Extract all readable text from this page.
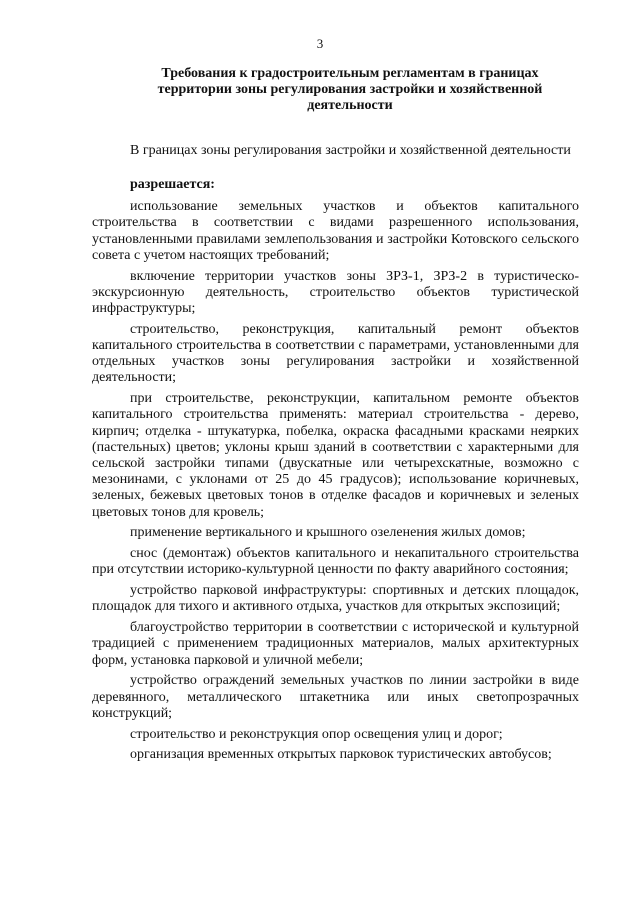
3
Требования к градостроительным регламентам в границах
территории зоны регулирования застройки и хозяйственной
деятельности

В границах зоны регулирования застройки и хозяйственной деятельности

разрешается:
использование земельных участков и объектов капитального строительства в соответствии с видами разрешенного использования, установленными правилами землепользования и застройки Котовского сельского совета с учетом настоящих требований;
включение территории участков зоны ЗРЗ-1, ЗРЗ-2 в туристическо-экскурсионную деятельность, строительство объектов туристической инфраструктуры;
строительство, реконструкция, капитальный ремонт объектов капитального строительства в соответствии с параметрами, установленными для отдельных участков зоны регулирования застройки и хозяйственной деятельности;
при строительстве, реконструкции, капитальном ремонте объектов капитального строительства применять: материал строительства - дерево, кирпич; отделка - штукатурка, побелка, окраска фасадными красками неярких (пастельных) цветов; уклоны крыш зданий в соответствии с характерными для сельской застройки типами (двускатные или четырехскатные, возможно с мезонинами, с уклонами от 25 до 45 градусов); использование коричневых, зеленых, бежевых цветовых тонов в отделке фасадов и коричневых и зеленых цветовых тонов для кровель;
применение вертикального и крышного озеленения жилых домов;
снос (демонтаж) объектов капитального и некапитального строительства при отсутствии историко-культурной ценности по факту аварийного состояния;
устройство парковой инфраструктуры: спортивных и детских площадок, площадок для тихого и активного отдыха, участков для открытых экспозиций;
благоустройство территории в соответствии с исторической и культурной традицией с применением традиционных материалов, малых архитектурных форм, установка парковой и уличной мебели;
устройство ограждений земельных участков по линии застройки в виде деревянного, металлического штакетника или иных светопрозрачных конструкций;
строительство и реконструкция опор освещения улиц и дорог;
организация временных открытых парковок туристических автобусов;
